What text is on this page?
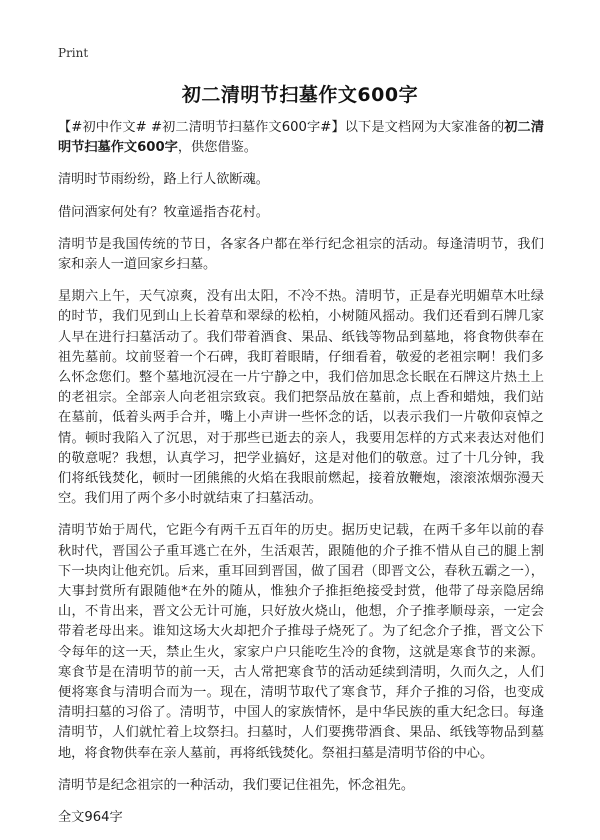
Print
初二清明节扫墓作文600字

【#初中作文# #初二清明节扫墓作文600字#】以下是文档网为大家准备的初二清明节扫墓作文600字，供您借鉴。

清明时节雨纷纷，路上行人欲断魂。

借问酒家何处有？牧童遥指杏花村。

清明节是我国传统的节日，各家各户都在举行纪念祖宗的活动。每逢清明节，我们家和亲人一道回家乡扫墓。

星期六上午，天气凉爽，没有出太阳，不冷不热。清明节，正是春光明媚草木吐绿的时节，我们见到山上长着草和翠绿的松柏，小树随风摇动。我们还看到石牌几家人早在进行扫墓活动了。我们带着酒食、果品、纸钱等物品到墓地，将食物供奉在祖先墓前。坟前竖着一个石碑，我盯着眼睛，仔细看着，敬爱的老祖宗啊！我们多么怀念您们。整个墓地沉浸在一片宁静之中，我们倍加思念长眠在石牌这片热土上的老祖宗。全部亲人向老祖宗致哀。我们把祭品放在墓前，点上香和蜡烛，我们站在墓前，低着头两手合并，嘴上小声讲一些怀念的话，以表示我们一片敬仰哀悼之情。顿时我陷入了沉思，对于那些已逝去的亲人，我要用怎样的方式来表达对他们的敬意呢？我想，认真学习，把学业搞好，这是对他们的敬意。过了十几分钟，我们将纸钱焚化，顿时一团熊熊的火焰在我眼前燃起，接着放鞭炮，滚滚浓烟弥漫天空。我们用了两个多小时就结束了扫墓活动。

清明节始于周代，它距今有两千五百年的历史。据历史记载，在两千多年以前的春秋时代，晋国公子重耳逃亡在外，生活艰苦，跟随他的介子推不惜从自己的腿上割下一块肉让他充饥。后来，重耳回到晋国，做了国君（即晋文公，春秋五霸之一），大事封赏所有跟随他*在外的随从，惟独介子推拒绝接受封赏，他带了母亲隐居绵山，不肯出来，晋文公无计可施，只好放火烧山，他想，介子推孝顺母亲，一定会带着老母出来。谁知这场大火却把介子推母子烧死了。为了纪念介子推，晋文公下令每年的这一天，禁止生火，家家户户只能吃生冷的食物，这就是寒食节的来源。寒食节是在清明节的前一天，古人常把寒食节的活动延续到清明，久而久之，人们便将寒食与清明合而为一。现在，清明节取代了寒食节，拜介子推的习俗，也变成清明扫墓的习俗了。清明节，中国人的家族情怀，是中华民族的重大纪念曰。每逢清明节，人们就忙着上坟祭扫。扫墓时，人们要携带酒食、果品、纸钱等物品到墓地，将食物供奉在亲人墓前，再将纸钱焚化。祭祖扫墓是清明节俗的中心。

清明节是纪念祖宗的一种活动，我们要记住祖先，怀念祖先。

全文964字
